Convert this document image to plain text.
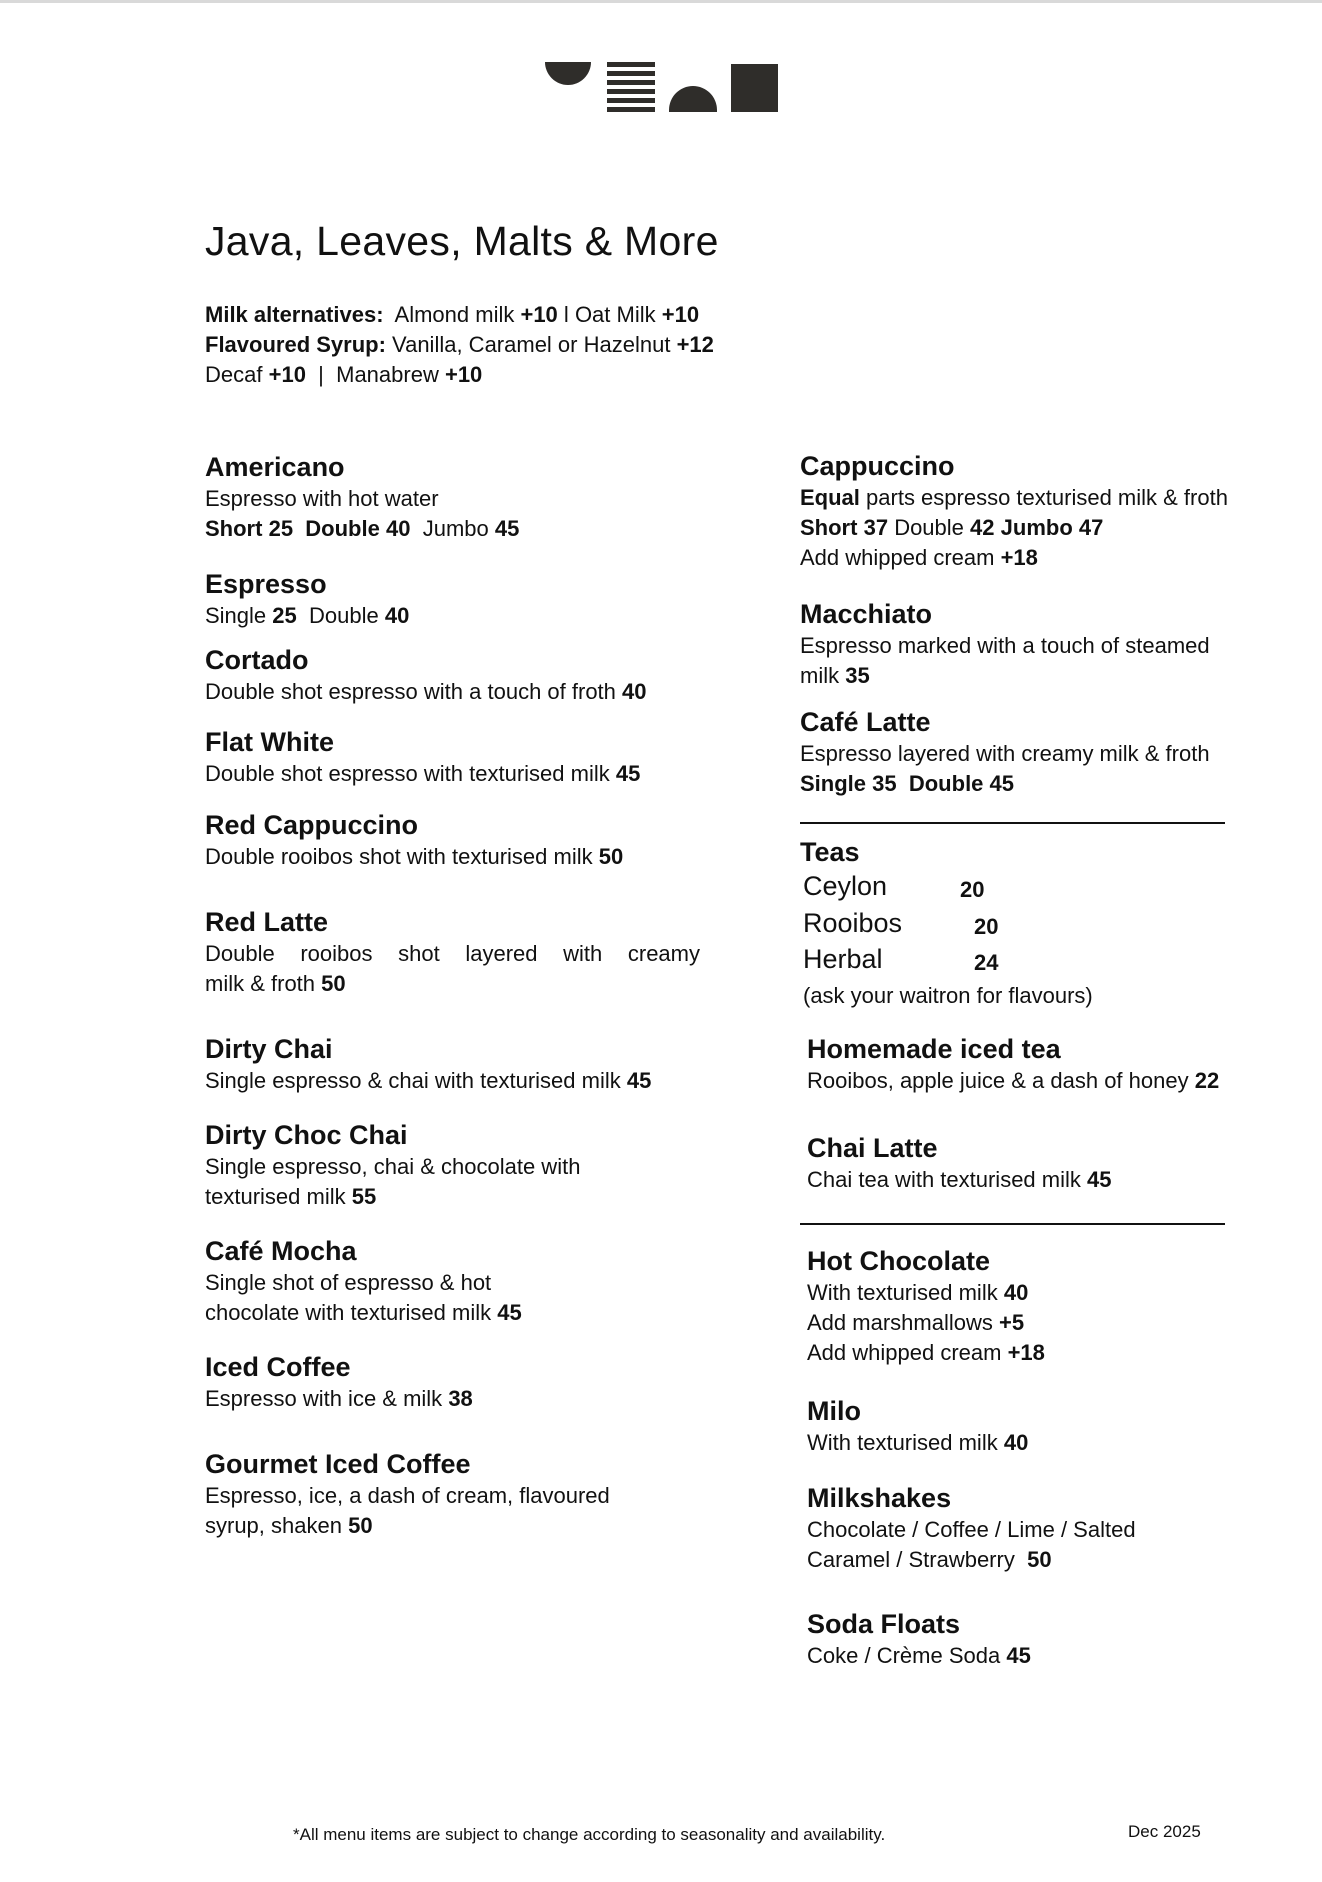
Java, Leaves, Malts & More
Milk alternatives: Almond milk +10 l Oat Milk +10
Flavoured Syrup: Vanilla, Caramel or Hazelnut +12
Decaf +10 | Manabrew +10
Americano

Espresso with hot water

Short 25 Double 40 Jumbo 45

Espresso

Single 25 Double 40

Cortado

Double shot espresso with a touch of froth 40

Flat White

Double shot espresso with texturised milk 45

Red Cappuccino

Double rooibos shot with texturised milk 50

Red Latte

Double rooibos shot layered with creamy

milk & froth 50

Dirty Chai

Single espresso & chai with texturised milk 45

Dirty Choc Chai

Single espresso, chai & chocolate with

texturised milk 55

Café Mocha

Single shot of espresso & hot

chocolate with texturised milk 45

Iced Coffee

Espresso with ice & milk 38

Gourmet Iced Coffee

Espresso, ice, a dash of cream, flavoured

syrup, shaken 50

Cappuccino

Equal parts espresso texturised milk & froth

Short 37 Double 42 Jumbo 47

Add whipped cream +18

Macchiato

Espresso marked with a touch of steamed

milk 35

Café Latte

Espresso layered with creamy milk & froth

Single 35 Double 45

Teas
Ceylon	20
Rooibos	20
Herbal	24

(ask your waitron for flavours)

Homemade iced tea

Rooibos, apple juice & a dash of honey 22

Chai Latte

Chai tea with texturised milk 45

Hot Chocolate

With texturised milk 40

Add marshmallows +5

Add whipped cream +18

Milo

With texturised milk 40

Milkshakes

Chocolate / Coffee / Lime / Salted

Caramel / Strawberry 50

Soda Floats

Coke / Crème Soda 45

*All menu items are subject to change according to seasonality and availability.	Dec 2025
